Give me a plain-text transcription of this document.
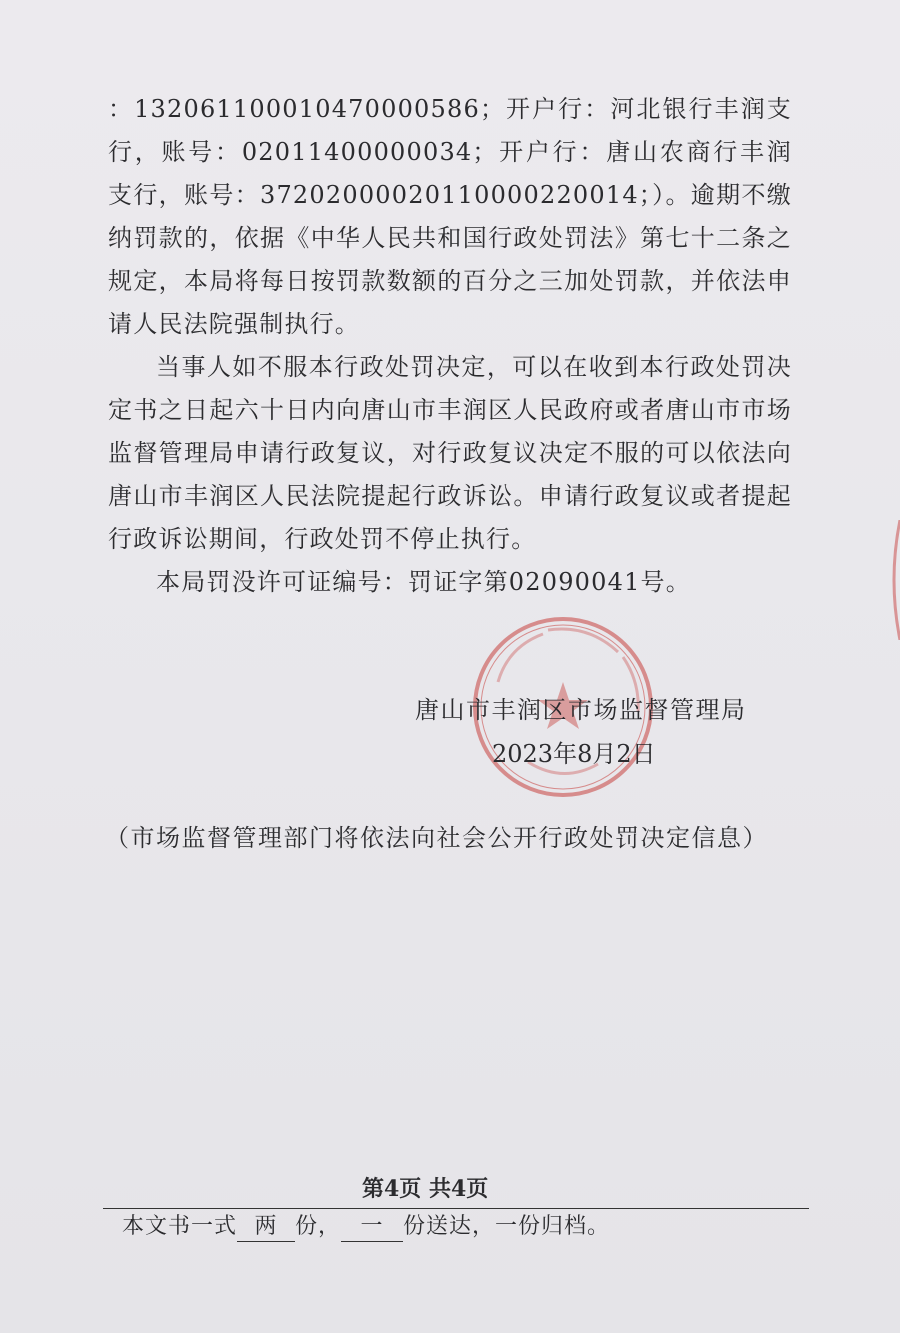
：132061100010470000586；开户行：河北银行丰润支行，账号：02011400000034；开户行：唐山农商行丰润支行，账号：37202000020110000220014；）。逾期不缴纳罚款的，依据《中华人民共和国行政处罚法》第七十二条之规定，本局将每日按罚款数额的百分之三加处罚款，并依法申请人民法院强制执行。

当事人如不服本行政处罚决定，可以在收到本行政处罚决定书之日起六十日内向唐山市丰润区人民政府或者唐山市市场监督管理局申请行政复议，对行政复议决定不服的可以依法向唐山市丰润区人民法院提起行政诉讼。申请行政复议或者提起行政诉讼期间，行政处罚不停止执行。

本局罚没许可证编号：罚证字第02090041号。

唐山市丰润区市场监督管理局
2023年8月2日
（市场监督管理部门将依法向社会公开行政处罚决定信息）
第4页 共4页
本文书一式 两 份， 一 份送达，一份归档。
